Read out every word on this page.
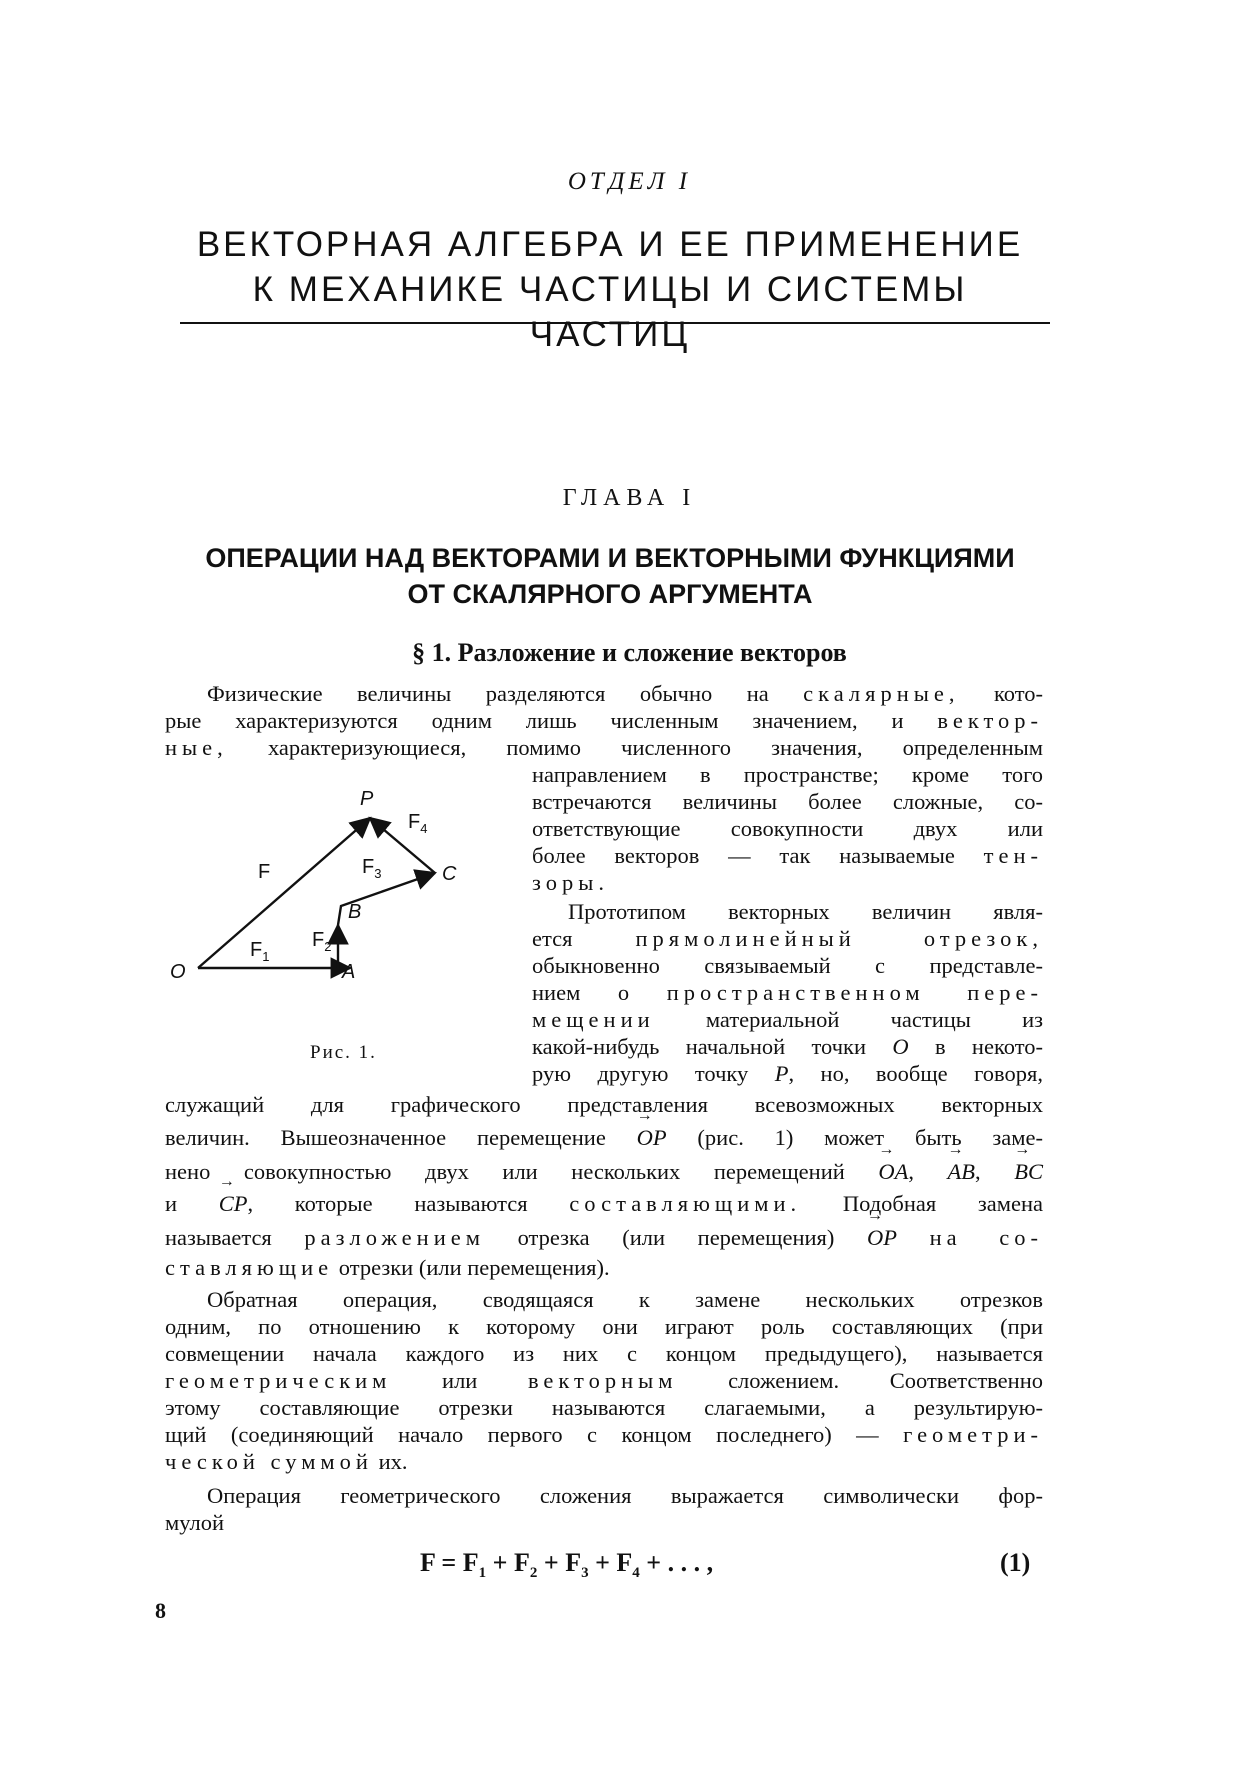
ОТДЕЛ I
ВЕКТОРНАЯ АЛГЕБРА И ЕЕ ПРИМЕНЕНИЕ
К МЕХАНИКЕ ЧАСТИЦЫ И СИСТЕМЫ ЧАСТИЦ
ГЛАВА I
ОПЕРАЦИИ НАД ВЕКТОРАМИ И ВЕКТОРНЫМИ ФУНКЦИЯМИ
ОТ СКАЛЯРНОГО АРГУМЕНТА
§ 1. Разложение и сложение векторов
Физические величины разделяются обычно на скалярные, кото-
рые характеризуются одним лишь численным значением, и вектор-
ные, характеризующиеся, помимо численного значения, определенным
направлением в пространстве; кроме того
встречаются величины более сложные, со-
ответствующие совокупности двух или
более векторов — так называемые тен-
зоры.
Прототипом векторных величин явля-
ется прямолинейный отрезок,
обыкновенно связываемый с представле-
нием о пространственном пере-
мещении материальной частицы из
какой-нибудь начальной точки O в некото-
рую другую точку P, но, вообще говоря,
служащий для графического представления всевозможных векторных
величин. Вышеозначенное перемещение → OP (рис. 1) может быть заме-
нено совокупностью двух или нескольких перемещений → OA, → AB, → BC
и → CP, которые называются составляющими. Подобная замена
называется разложением отрезка (или перемещения) → OP на со-
ставляющие отрезки (или перемещения).
Обратная операция, сводящаяся к замене нескольких отрезков
одним, по отношению к которому они играют роль составляющих (при
совмещении начала каждого из них с концом предыдущего), называется
геометрическим или векторным сложением. Соответственно
этому составляющие отрезки называются слагаемыми, а результирую-
щий (соединяющий начало первого с концом последнего) — геометри-
ческой суммой их.
Операция геометрического сложения выражается символически фор-
мулой
$F = F_1 + F_2 + F_3 + F_4$ + . . . ,	(1)
O	A
B
C
P
F
$F_1$
$F_2$
$F_3$
$F_4$
Рис. 1.
8
